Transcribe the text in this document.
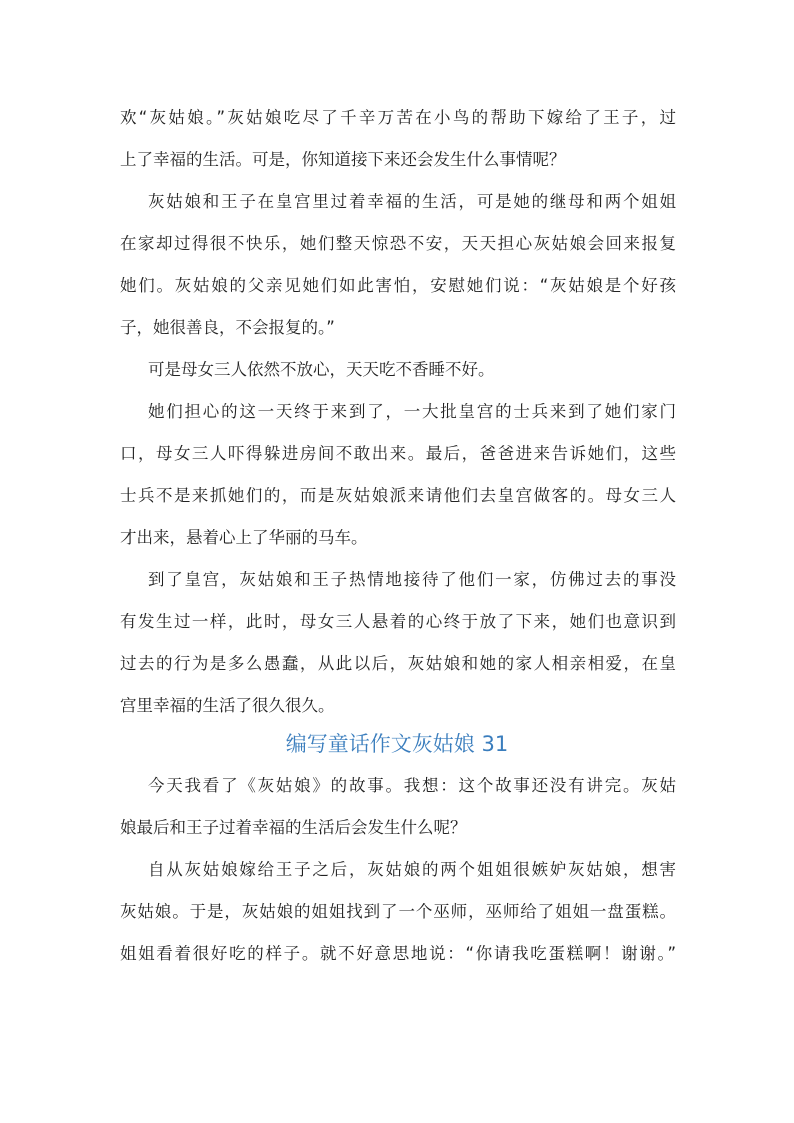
欢“灰姑娘。”灰姑娘吃尽了千辛万苦在小鸟的帮助下嫁给了王子，过
上了幸福的生活。可是，你知道接下来还会发生什么事情呢？
灰姑娘和王子在皇宫里过着幸福的生活，可是她的继母和两个姐姐
在家却过得很不快乐，她们整天惊恐不安，天天担心灰姑娘会回来报复
她们。灰姑娘的父亲见她们如此害怕，安慰她们说：“灰姑娘是个好孩
子，她很善良，不会报复的。”
可是母女三人依然不放心，天天吃不香睡不好。
她们担心的这一天终于来到了，一大批皇宫的士兵来到了她们家门
口，母女三人吓得躲进房间不敢出来。最后，爸爸进来告诉她们，这些
士兵不是来抓她们的，而是灰姑娘派来请他们去皇宫做客的。母女三人
才出来，悬着心上了华丽的马车。
到了皇宫，灰姑娘和王子热情地接待了他们一家，仿佛过去的事没
有发生过一样，此时，母女三人悬着的心终于放了下来，她们也意识到
过去的行为是多么愚蠢，从此以后，灰姑娘和她的家人相亲相爱，在皇
宫里幸福的生活了很久很久。
编写童话作文灰姑娘 31
今天我看了《灰姑娘》的故事。我想：这个故事还没有讲完。灰姑
娘最后和王子过着幸福的生活后会发生什么呢？
自从灰姑娘嫁给王子之后，灰姑娘的两个姐姐很嫉妒灰姑娘，想害
灰姑娘。于是，灰姑娘的姐姐找到了一个巫师，巫师给了姐姐一盘蛋糕。
姐姐看着很好吃的样子。就不好意思地说：“你请我吃蛋糕啊！谢谢。”
